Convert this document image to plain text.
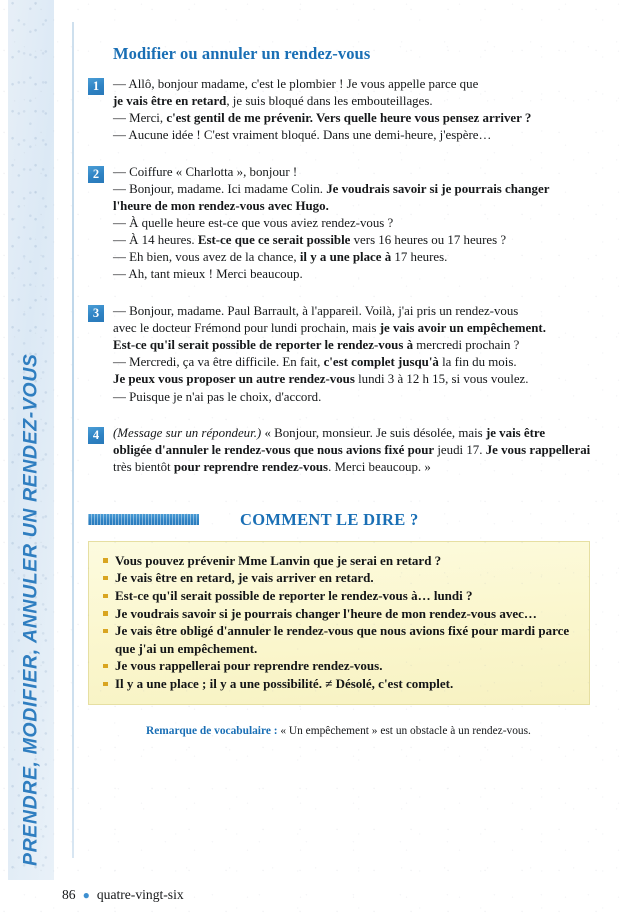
PRENDRE, MODIFIER, ANNULER UN RENDEZ-VOUS
Modifier ou annuler un rendez-vous
1	— Allô, bonjour madame, c'est le plombier ! Je vous appelle parce que
je vais être en retard, je suis bloqué dans les embouteillages.
— Merci, c'est gentil de me prévenir. Vers quelle heure vous pensez arriver ?
— Aucune idée ! C'est vraiment bloqué. Dans une demi-heure, j'espère…
2	— Coiffure « Charlotta », bonjour !
— Bonjour, madame. Ici madame Colin. Je voudrais savoir si je pourrais changer
l'heure de mon rendez-vous avec Hugo.
— À quelle heure est-ce que vous aviez rendez-vous ?
— À 14 heures. Est-ce que ce serait possible vers 16 heures ou 17 heures ?
— Eh bien, vous avez de la chance, il y a une place à 17 heures.
— Ah, tant mieux ! Merci beaucoup.
3	— Bonjour, madame. Paul Barrault, à l'appareil. Voilà, j'ai pris un rendez-vous
avec le docteur Frémond pour lundi prochain, mais je vais avoir un empêchement.
Est-ce qu'il serait possible de reporter le rendez-vous à mercredi prochain ?
— Mercredi, ça va être difficile. En fait, c'est complet jusqu'à la fin du mois.
Je peux vous proposer un autre rendez-vous lundi 3 à 12 h 15, si vous voulez.
— Puisque je n'ai pas le choix, d'accord.
4	(Message sur un répondeur.) « Bonjour, monsieur. Je suis désolée, mais je vais être
obligée d'annuler le rendez-vous que nous avions fixé pour jeudi 17. Je vous rappellerai
très bientôt pour reprendre rendez-vous. Merci beaucoup. »
COMMENT LE DIRE ?
Vous pouvez prévenir Mme Lanvin que je serai en retard ?
Je vais être en retard, je vais arriver en retard.
Est-ce qu'il serait possible de reporter le rendez-vous à… lundi ?
Je voudrais savoir si je pourrais changer l'heure de mon rendez-vous avec…
Je vais être obligé d'annuler le rendez-vous que nous avions fixé pour mardi parce que j'ai un empêchement.
Je vous rappellerai pour reprendre rendez-vous.
Il y a une place ; il y a une possibilité. ≠ Désolé, c'est complet.
Remarque de vocabulaire : « Un empêchement » est un obstacle à un rendez-vous.
86 ● quatre-vingt-six
